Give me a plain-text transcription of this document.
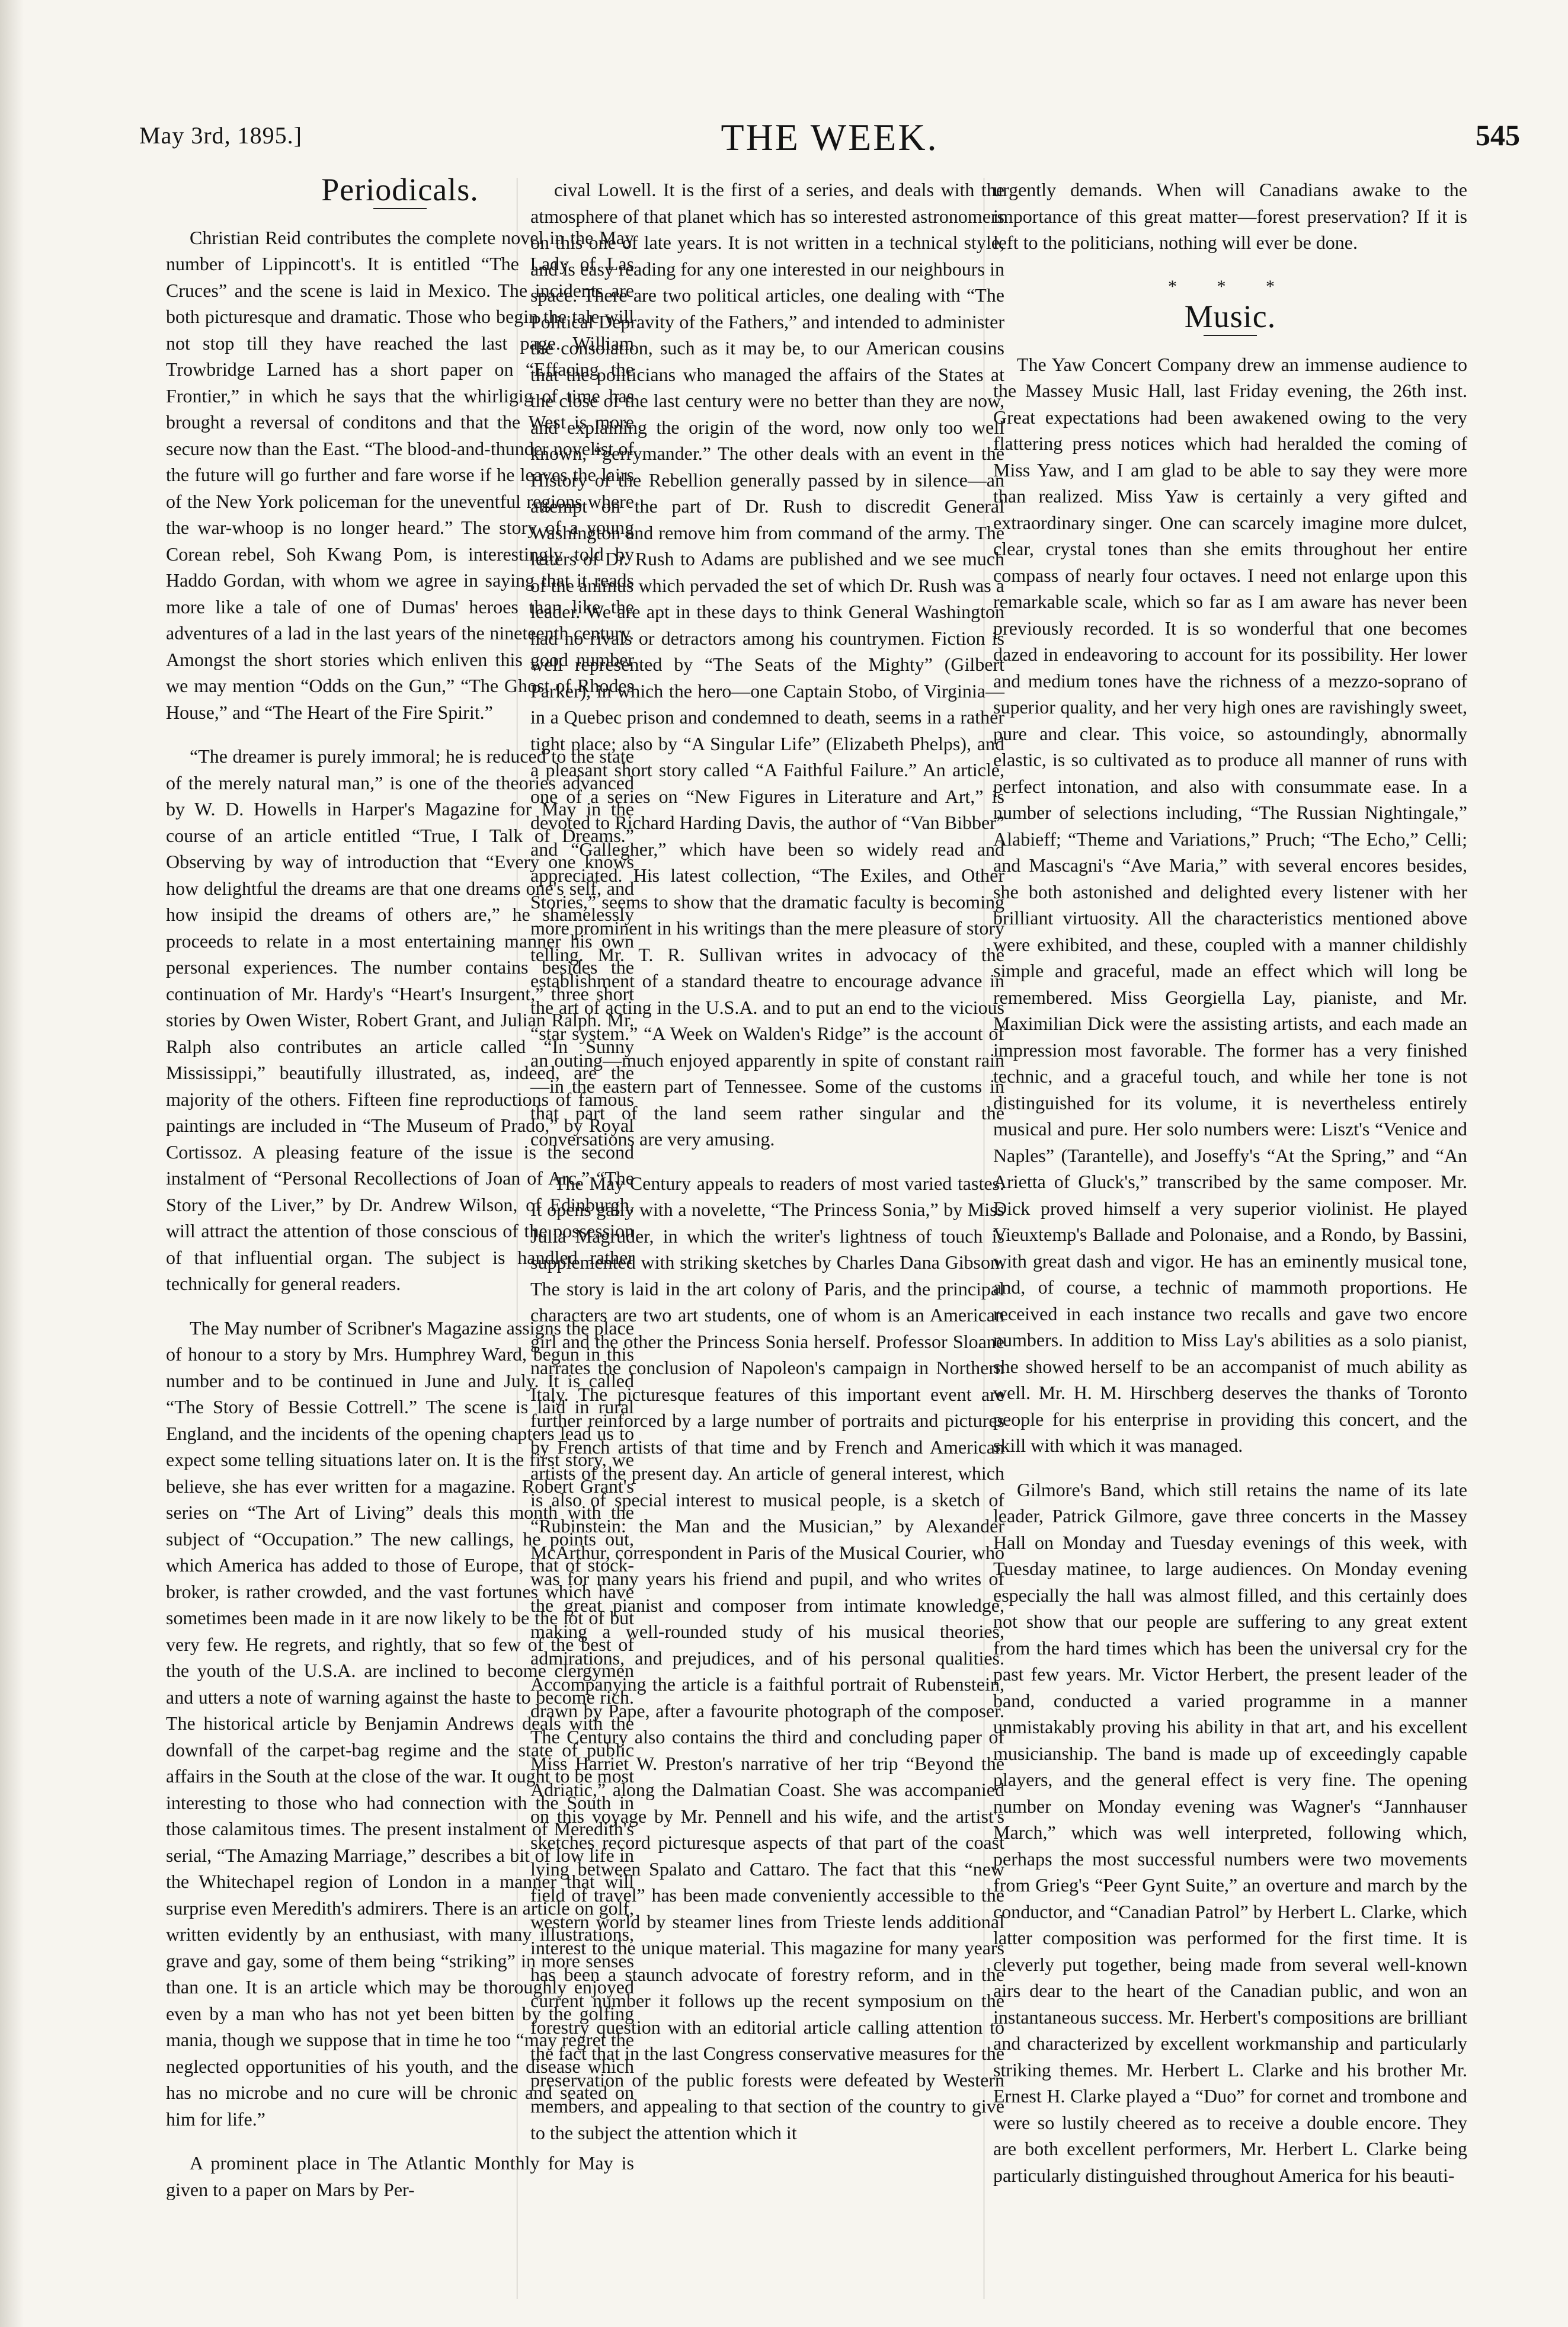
May 3rd, 1895.]	THE WEEK.	545
Periodicals.

Christian Reid contributes the complete novel in the May number of Lippincott's. It is entitled “The Lady of Las Cruces” and the scene is laid in Mexico. The incidents are both picturesque and dramatic. Those who begin the tale will not stop till they have reached the last page. William Trowbridge Larned has a short paper on “Effacing the Frontier,” in which he says that the whirligig of time has brought a reversal of conditons and that the West is more secure now than the East. “The blood-and-thunder novelist of the future will go further and fare worse if he leaves the lairs of the New York policeman for the uneventful regions where the war-whoop is no longer heard.” The story of a young Corean rebel, Soh Kwang Pom, is interestingly told by Haddo Gordan, with whom we agree in saying that it reads more like a tale of one of Dumas' heroes than like the adventures of a lad in the last years of the nineteenth century. Amongst the short stories which enliven this good number we may mention “Odds on the Gun,” “The Ghost of Rhodes House,” and “The Heart of the Fire Spirit.”

“The dreamer is purely immoral; he is reduced to the state of the merely natural man,” is one of the theories advanced by W. D. Howells in Harper's Magazine for May in the course of an article entitled “True, I Talk of Dreams.” Observing by way of introduction that “Every one knows how delightful the dreams are that one dreams one's self, and how insipid the dreams of others are,” he shamelessly proceeds to relate in a most entertaining manner his own personal experiences. The number contains besides the continuation of Mr. Hardy's “Heart's Insurgent,” three short stories by Owen Wister, Robert Grant, and Julian Ralph. Mr. Ralph also contributes an article called “In Sunny Mississippi,” beautifully illustrated, as, indeed, are the majority of the others. Fifteen fine reproductions of famous paintings are included in “The Museum of Prado,” by Royal Cortissoz. A pleasing feature of the issue is the second instalment of “Personal Recollections of Joan of Arc.” “The Story of the Liver,” by Dr. Andrew Wilson, of Edinburgh, will attract the attention of those conscious of the possession of that influential organ. The subject is handled rather technically for general readers.

The May number of Scribner's Magazine assigns the place of honour to a story by Mrs. Humphrey Ward, begun in this number and to be continued in June and July. It is called “The Story of Bessie Cottrell.” The scene is laid in rural England, and the incidents of the opening chapters lead us to expect some telling situations later on. It is the first story, we believe, she has ever written for a magazine. Robert Grant's series on “The Art of Living” deals this month with the subject of “Occupation.” The new callings, he points out, which America has added to those of Europe, that of stock-broker, is rather crowded, and the vast fortunes which have sometimes been made in it are now likely to be the lot of but very few. He regrets, and rightly, that so few of the best of the youth of the U.S.A. are inclined to become clergymen and utters a note of warning against the haste to become rich. The historical article by Benjamin Andrews deals with the downfall of the carpet-bag regime and the state of public affairs in the South at the close of the war. It ought to be most interesting to those who had connection with the South in those calamitous times. The present instalment of Meredith's serial, “The Amazing Marriage,” describes a bit of low life in the Whitechapel region of London in a manner that will surprise even Meredith's admirers. There is an article on golf, written evidently by an enthusiast, with many illustrations, grave and gay, some of them being “striking” in more senses than one. It is an article which may be thoroughly enjoyed even by a man who has not yet been bitten by the golfing mania, though we suppose that in time he too “may regret the neglected opportunities of his youth, and the disease which has no microbe and no cure will be chronic and seated on him for life.”

A prominent place in The Atlantic Monthly for May is given to a paper on Mars by Per-

cival Lowell. It is the first of a series, and deals with the atmosphere of that planet which has so interested astronomers on this one of late years. It is not written in a technical style, and is easy reading for any one interested in our neighbours in space. There are two political articles, one dealing with “The Political Depravity of the Fathers,” and intended to administer the consolation, such as it may be, to our American cousins that the politicians who managed the affairs of the States at the close of the last century were no better than they are now, and explaining the origin of the word, now only too well known, “gerrymander.” The other deals with an event in the History of the Rebellion generally passed by in silence—an attempt on the part of Dr. Rush to discredit General Washington and remove him from command of the army. The letters of Dr. Rush to Adams are published and we see much of the animus which pervaded the set of which Dr. Rush was a leader. We are apt in these days to think General Washington had no rivals or detractors among his countrymen. Fiction is well represented by “The Seats of the Mighty” (Gilbert Parker), in which the hero—one Captain Stobo, of Virginia—in a Quebec prison and condemned to death, seems in a rather tight place; also by “A Singular Life” (Elizabeth Phelps), and a pleasant short story called “A Faithful Failure.” An article, one of a series on “New Figures in Literature and Art,” is devoted to Richard Harding Davis, the author of “Van Bibber” and “Gallegher,” which have been so widely read and appreciated. His latest collection, “The Exiles, and Other Stories,” seems to show that the dramatic faculty is becoming more prominent in his writings than the mere pleasure of story telling. Mr. T. R. Sullivan writes in advocacy of the establishment of a standard theatre to encourage advance in the art of acting in the U.S.A. and to put an end to the vicious “star system.” “A Week on Walden's Ridge” is the account of an outing—much enjoyed apparently in spite of constant rain—in the eastern part of Tennessee. Some of the customs in that part of the land seem rather singular and the conversations are very amusing.

The May Century appeals to readers of most varied tastes. It opens gaily with a novelette, “The Princess Sonia,” by Miss Julia Magruder, in which the writer's lightness of touch is supplemented with striking sketches by Charles Dana Gibson. The story is laid in the art colony of Paris, and the principal characters are two art students, one of whom is an American girl and the other the Princess Sonia herself. Professor Sloane narrates the conclusion of Napoleon's campaign in Northern Italy. The picturesque features of this important event are further reinforced by a large number of portraits and pictures by French artists of that time and by French and American artists of the present day. An article of general interest, which is also of special interest to musical people, is a sketch of “Rubinstein: the Man and the Musician,” by Alexander McArthur, correspondent in Paris of the Musical Courier, who was for many years his friend and pupil, and who writes of the great pianist and composer from intimate knowledge, making a well-rounded study of his musical theories, admirations, and prejudices, and of his personal qualities. Accompanying the article is a faithful portrait of Rubenstein, drawn by Pape, after a favourite photograph of the composer. The Century also contains the third and concluding paper of Miss Harriet W. Preston's narrative of her trip “Beyond the Adriatic,” along the Dalmatian Coast. She was accompanied on this voyage by Mr. Pennell and his wife, and the artist's sketches record picturesque aspects of that part of the coast lying between Spalato and Cattaro. The fact that this “new field of travel” has been made conveniently accessible to the western world by steamer lines from Trieste lends additional interest to the unique material. This magazine for many years has been a staunch advocate of forestry reform, and in the current number it follows up the recent symposium on the forestry question with an editorial article calling attention to the fact that in the last Congress conservative measures for the preservation of the public forests were defeated by Western members, and appealing to that section of the country to give to the subject the attention which it

urgently demands. When will Canadians awake to the importance of this great matter—forest preservation? If it is left to the politicians, nothing will ever be done.

* * *
Music.

The Yaw Concert Company drew an immense audience to the Massey Music Hall, last Friday evening, the 26th inst. Great expectations had been awakened owing to the very flattering press notices which had heralded the coming of Miss Yaw, and I am glad to be able to say they were more than realized. Miss Yaw is certainly a very gifted and extraordinary singer. One can scarcely imagine more dulcet, clear, crystal tones than she emits throughout her entire compass of nearly four octaves. I need not enlarge upon this remarkable scale, which so far as I am aware has never been previously recorded. It is so wonderful that one becomes dazed in endeavoring to account for its possibility. Her lower and medium tones have the richness of a mezzo-soprano of superior quality, and her very high ones are ravishingly sweet, pure and clear. This voice, so astoundingly, abnormally elastic, is so cultivated as to produce all manner of runs with perfect intonation, and also with consummate ease. In a number of selections including, “The Russian Nightingale,” Alabieff; “Theme and Variations,” Pruch; “The Echo,” Celli; and Mascagni's “Ave Maria,” with several encores besides, she both astonished and delighted every listener with her brilliant virtuosity. All the characteristics mentioned above were exhibited, and these, coupled with a manner childishly simple and graceful, made an effect which will long be remembered. Miss Georgiella Lay, pianiste, and Mr. Maximilian Dick were the assisting artists, and each made an impression most favorable. The former has a very finished technic, and a graceful touch, and while her tone is not distinguished for its volume, it is nevertheless entirely musical and pure. Her solo numbers were: Liszt's “Venice and Naples” (Tarantelle), and Joseffy's “At the Spring,” and “An Arietta of Gluck's,” transcribed by the same composer. Mr. Dick proved himself a very superior violinist. He played Vieuxtemp's Ballade and Polonaise, and a Rondo, by Bassini, with great dash and vigor. He has an eminently musical tone, and, of course, a technic of mammoth proportions. He received in each instance two recalls and gave two encore numbers. In addition to Miss Lay's abilities as a solo pianist, she showed herself to be an accompanist of much ability as well. Mr. H. M. Hirschberg deserves the thanks of Toronto people for his enterprise in providing this concert, and the skill with which it was managed.

Gilmore's Band, which still retains the name of its late leader, Patrick Gilmore, gave three concerts in the Massey Hall on Monday and Tuesday evenings of this week, with Tuesday matinee, to large audiences. On Monday evening especially the hall was almost filled, and this certainly does not show that our people are suffering to any great extent from the hard times which has been the universal cry for the past few years. Mr. Victor Herbert, the present leader of the band, conducted a varied programme in a manner unmistakably proving his ability in that art, and his excellent musicianship. The band is made up of exceedingly capable players, and the general effect is very fine. The opening number on Monday evening was Wagner's “Jannhauser March,” which was well interpreted, following which, perhaps the most successful numbers were two movements from Grieg's “Peer Gynt Suite,” an overture and march by the conductor, and “Canadian Patrol” by Herbert L. Clarke, which latter composition was performed for the first time. It is cleverly put together, being made from several well-known airs dear to the heart of the Canadian public, and won an instantaneous success. Mr. Herbert's compositions are brilliant and characterized by excellent workmanship and particularly striking themes. Mr. Herbert L. Clarke and his brother Mr. Ernest H. Clarke played a “Duo” for cornet and trombone and were so lustily cheered as to receive a double encore. They are both excellent performers, Mr. Herbert L. Clarke being particularly distinguished throughout America for his beauti-
